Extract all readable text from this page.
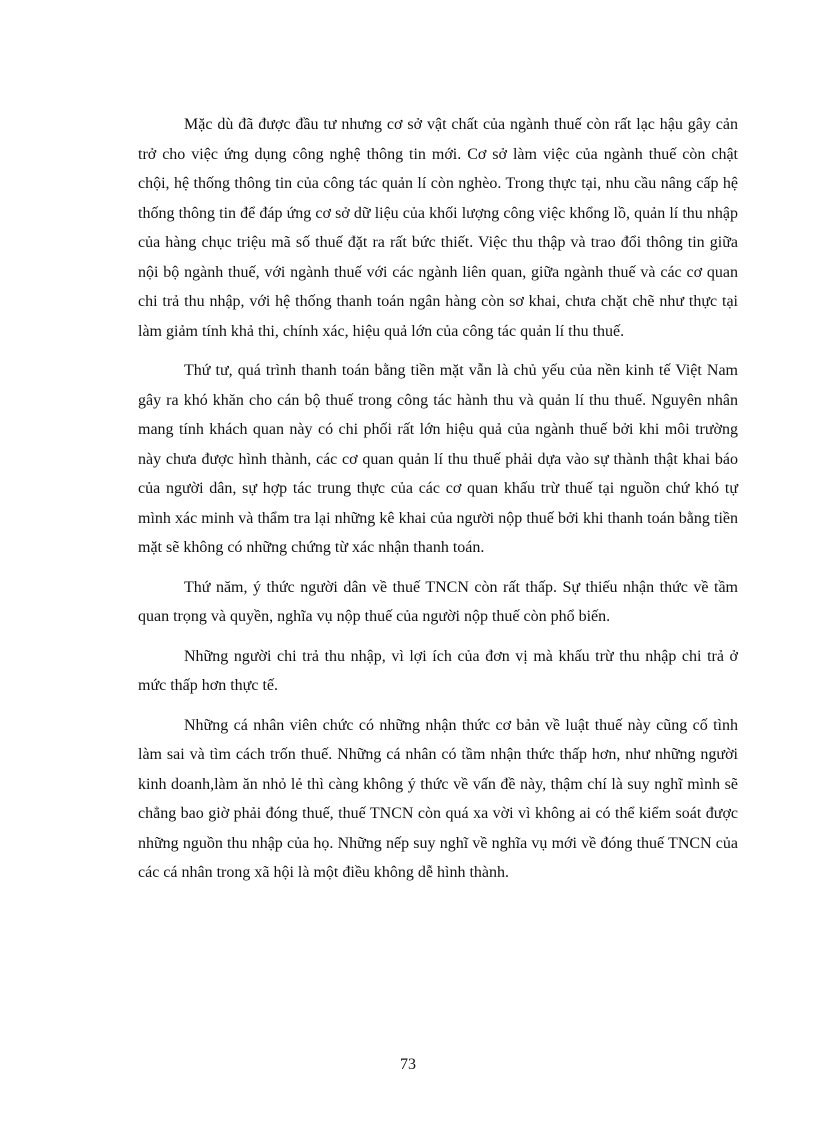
Mặc dù đã được đầu tư nhưng cơ sở vật chất của ngành thuế còn rất lạc hậu gây cản trở cho việc ứng dụng công nghệ thông tin mới. Cơ sở làm việc của ngành thuế còn chật chội, hệ thống thông tin của công tác quản lí còn nghèo. Trong thực tại, nhu cầu nâng cấp hệ thống thông tin để đáp ứng cơ sở dữ liệu của khối lượng công việc khổng lồ, quản lí thu nhập của hàng chục triệu mã số thuế đặt ra rất bức thiết. Việc thu thập và trao đổi thông tin giữa nội bộ ngành thuế, với ngành thuế với các ngành liên quan, giữa ngành thuế và các cơ quan chi trả thu nhập, với hệ thống thanh toán ngân hàng còn sơ khai, chưa chặt chẽ như thực tại làm giảm tính khả thi, chính xác, hiệu quả lớn của công tác quản lí thu thuế.

Thứ tư, quá trình thanh toán bằng tiền mặt vẫn là chủ yếu của nền kinh tế Việt Nam gây ra khó khăn cho cán bộ thuế trong công tác hành thu và quản lí thu thuế. Nguyên nhân mang tính khách quan này có chi phối rất lớn hiệu quả của ngành thuế bởi khi môi trường này chưa được hình thành, các cơ quan quản lí thu thuế phải dựa vào sự thành thật khai báo của người dân, sự hợp tác trung thực của các cơ quan khấu trừ thuế tại nguồn chứ khó tự mình xác minh và thẩm tra lại những kê khai của người nộp thuế bởi khi thanh toán bằng tiền mặt sẽ không có những chứng từ xác nhận thanh toán.

Thứ năm, ý thức người dân về thuế TNCN còn rất thấp. Sự thiếu nhận thức về tầm quan trọng và quyền, nghĩa vụ nộp thuế của người nộp thuế còn phổ biến.

Những người chi trả thu nhập, vì lợi ích của đơn vị mà khấu trừ thu nhập chi trả ở mức thấp hơn thực tế.

Những cá nhân viên chức có những nhận thức cơ bản về luật thuế này cũng cố tình làm sai và tìm cách trốn thuế. Những cá nhân có tầm nhận thức thấp hơn, như những người kinh doanh,làm ăn nhỏ lẻ thì càng không ý thức về vấn đề này, thậm chí là suy nghĩ mình sẽ chẳng bao giờ phải đóng thuế, thuế TNCN còn quá xa vời vì không ai có thể kiểm soát được những nguồn thu nhập của họ. Những nếp suy nghĩ về nghĩa vụ mới về đóng thuế TNCN của các cá nhân trong xã hội là một điều không dễ hình thành.

73
